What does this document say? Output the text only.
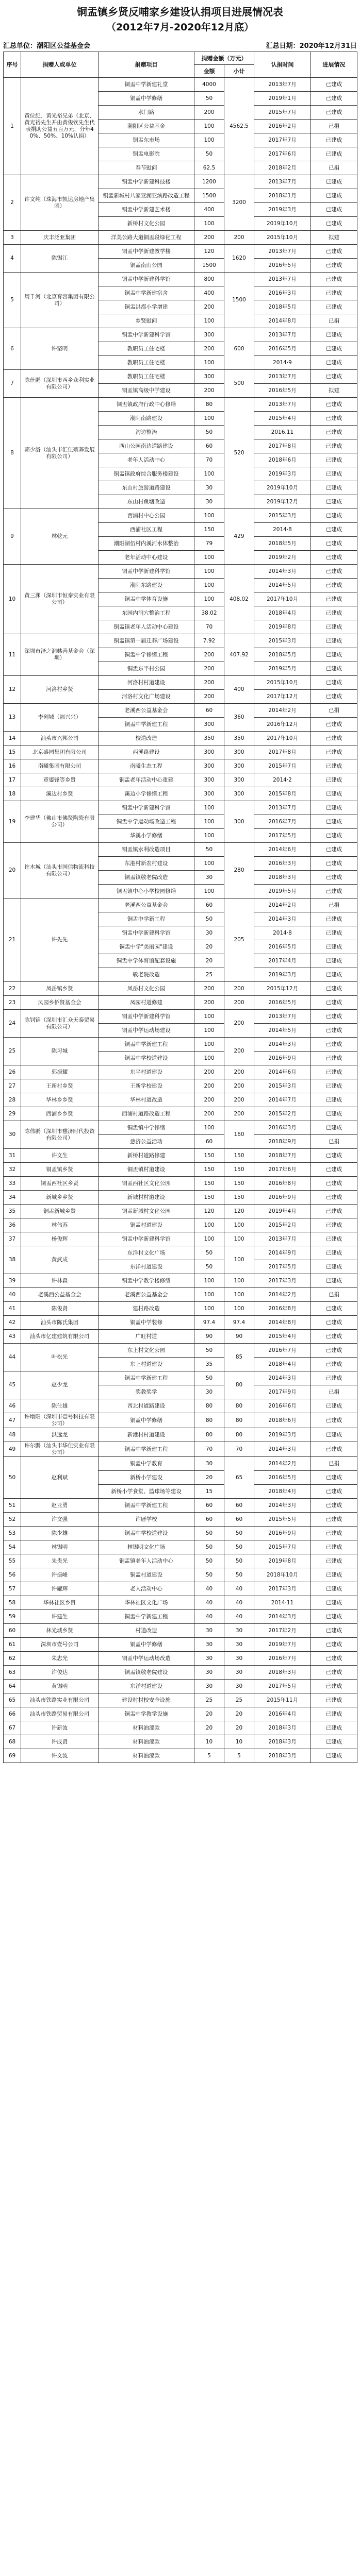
铜盂镇乡贤反哺家乡建设认捐项目进展情况表
（2012年7月-2020年12月底）
汇总单位：潮阳区公益基金会	汇总日期：2020年12月31日
序号	捐赠人或单位	捐赠项目	捐赠金额（万元）		认捐时间	进展情况
			金额	小计		
1	黄位纪、黄光裕兄弟（北京、黄光裕先生并由黄俊钦先生代表捐助公益五百万元，分年40%、50%、10%认捐）	铜盂中学新建礼堂	4000	4562.5	2013年7月	已建成
		铜盂中学修缮	50		2019年1月	已建成
		水门路	200		2015年7月	已建成
		潮阳区公益基金	100		2016年2月	已捐
		铜盂东市场	100		2017年7月	已建成
		铜盂电影院	50		2017年6月	已建成
		春节慰问	62.5		2018年2月	已捐
2	许文纯（珠海市凯达房地产集团）	铜盂中学新建科技楼	1200	3200	2013年7月	已建成
		铜盂新城村八家亚湖亚滨路改造工程	1500		2018年1月	已建成
		铜盂中学新建艺术楼	400		2019年3月	已建成
		新桥村文化公园	100		2019年10月	已建成
3	庆丰泛亚集团	洋美公路大道铜盂段绿化工程	200	200	2015年10月	拟建
4	陈锡江	铜盂中学新建教学楼	120	1620	2013年7月	已建成
		铜盂南山公园	1500		2016年5月	已建成
5	周千河（北京育容集团有限公司）	铜盂中学新建科学馆	800	1500	2013年7月	已建成
		铜盂中学新建宿舍	400		2016年3月	已建成
		铜盂洪都小学增建	200		2018年5月	已建成
		乡贤慰问	100		2014年8月	已捐
6	许坚明	铜盂中学新建科学馆	300	600	2013年7月	已建成
		教职员工住宅楼	200		2016年5月	已建成
		教职员工住宅楼	100		2014·9	已建成
7	陈仕鹏（深圳市西乡众利实业有限公司）	教职员工住宅楼	300	500	2013年7月	已建成
		铜盂镇高级中学建设	200		2016年5月	拟建
8	郭少洛（汕头市汇佳殡葬发展有限公司）	铜盂镇政府行政中心修缮	80	520	2013年7月	已建成
		潮阳南路建设	100		2015年4月	已建成
		沟边整治	50		2016.11	已建成
		西山公园南边道路建设	60		2017年8月	已建成
		老年人活动中心	70		2018年6月	已建成
		铜盂镇政府综合服务楼建设	100		2019年3月	已建成
		东山村旅游道路建设	30		2019年10月	已建成
		东山村鱼塘改造	30		2019年12月	已建成
9	林乾元	西浦村中心公园	100	429	2015年3月	已建成
		西浦社区工程	150		2014·8	已建成
		潮阳湖伍村内溪河水体整治	79		2018年5月	已建成
		老年活动中心建设	100		2019年2月	已建成
10	黄三渊（深圳市恒泰实业有限公司）	铜盂中学新建科学馆	100	408.02	2014年3月	已建成
		潮阳东路建设	100		2014年5月	已建成
		铜盂中学体育设施	100		2017年10月	已建成
		东园内洞穴整治工程	38.02		2018年4月	已建成
		铜盂镇老年人活动中心建设	70		2019年8月	已建成
11	深圳市泽之润慈善基金会（深圳）	铜盂镇第一届迁葬广场建设	7.92	407.92	2015年3月	已建成
		铜盂中学修缮工程	200		2018年5月	已建成
		铜盂东平村公园	200		2019年5月	已建成
12	河洛村乡贤	河洛村村道建设	200	400	2015年10月	已建成
		河洛村文化广场建设	200		2017年12月	已建成
13	李创城（福兴兴）	老溪西公益基金会	60	360	2014年2月	已捐
		铜盂中学新建工程	300		2016年12月	已建成
14	汕头市兴邦公司	校道改造	350	350	2017年10月	已建成
15	北京盛园集团有限公司	西溪路建设	300	300	2017年8月	已建成
16	南曦集团有限公司	南曦生态工程	300	300	2015年7月	已建成
17	章鎏锋等乡贤	铜盂老年活动中心重建	300	300	2014·2	已建成
18	溪边村乡贤	溪边小学修缮工程	300	300	2015年8月	已建成
19	李建华（佛山市佛贤陶瓷有限公司）	铜盂中学新建科学馆	100	300	2013年7月	已建成
		铜盂中学运动场改造工程	100		2016年7月	已建成
		华溪小学修缮	100		2017年5月	已建成
20	许木城（汕头市国信物流科技有限公司）	铜盂镇水利改造项目	50	280	2014年6月	已建成
		东港村新农村建设	100		2016年3月	已建成
		铜盂镇敬老院改造	30		2018年3月	已建成
		铜盂镇中心小学校园修缮	100		2019年5月	已建成
21	许先先	老溪西公益基金会	60	205	2014年2月	已捐
		铜盂中学新工程	50		2014年3月	已建成
		铜盂中学新建科学馆	30		2014·8	已建成
		铜盂中学"美丽园"建设	20		2016年5月	已建成
		铜盂中学体育馆配套设施	20		2017年4月	已建成
		敬老院改造	25		2019年3月	已建成
22	凤岳镇乡贤	凤岳村文化公园	200	200	2015年12月	已建成
23	凤园乡侨贤基金会	凤园村道修建	200	200	2016年5月	已建成
24	陈钊锦（深圳市汇众天泰贸易有限公司）	铜盂中学新建科学馆	100	200	2013年7月	已建成
		铜盂中学运动场建设	100		2014年5月	已建成
25	陈习城	铜盂中学新建工程	100	200	2014年3月	已建成
		铜盂中学校道建设	100		2016年9月	已建成
26	郭振耀	东平村道建设	200	200	2014年6月	已建成
27	王新村乡贤	王新学校建设	200	200	2015年3月	已建成
28	华林乡乡贤	华林村道改造	200	200	2014年7月	已建成
29	西浦乡乡贤	西浦村道路改造工程	200	200	2015年2月	已建成
30	陈伟鹏（深圳市慈济时代投资有限公司）	铜盂镇中学修缮	100	160	2016年3月	已建成
		慈济公益活动	60		2018年9月	已捐
31	许文生	新桥村道路修建	150	150	2018年7月	已建成
32	铜盂镇乡贤	铜盂镇村道建设	150	150	2017年6月	已建成
33	铜盂西社区乡贤	铜盂西社区文化公园	150	150	2016年8月	已建成
34	新城乡乡贤	新城村村道建设	150	150	2016年9月	已建成
35	铜盂新城乡贤	铜盂新城村文化公园	120	120	2019年4月	已建成
36	林伟苏	铜盂村道建设	100	100	2015年2月	已建成
37	杨俊辉	铜盂中学新建科学馆	100	100	2013年7月	已建成
38	黄武成	东洋村文化广场	50	100	2014年9月	已建成
		东洋村道建设	50		2017年5月	已建成
39	许林森	铜盂中学教学楼修缮	100	100	2017年3月	已建成
40	老溪西公益基金会	老溪西公益基金会	100	100	2014年2月	已捐
41	陈俊贤	建村路改造	100	100	2016年8月	已建成
42	汕头市陈氏集团	铜盂中学装修	97.4	97.4	2014年8月	已建成
43	汕头市亿建建筑有限公司	广旺村道	90	90	2015年4月	已建成
44	叶松光	东上村文化公园	50	85	2016年7月	已建成
		东上村道建设	35		2018年4月	已建成
45	赵少龙	铜盂中学新建工程	50	80	2014年3月	已建成
		奖教奖学	30		2017年9月	已捐
46	陈仕雄	西北村道路建设	80	80	2016年6月	已建成
47	许增阳（深圳市壹号科技有限公司）	铜盂中学修缮	80	80	2018年6月	已建成
48	洪远龙	新港村村道建设	80	80	2019年3月	已建成
49	许尔鹏（汕头市华佳实业有限公司）	铜盂中学新建工程	70	70	2014年3月	已建成
50	赵利斌	铜盂中学教育	30	65	2014年2月	已捐
		新桥小学建设	20		2016年5月	已建成
		新桥小学食堂、篮球场等建设	15		2018年4月	已建成
51	赵亚勇	铜盂中学新建工程	60	60	2014年3月	已建成
52	许文强	许厝学校	60	60	2015年5月	已建成
53	陈少雄	铜盂中学校道建设	50	50	2016年9月	已建成
54	林锡明	林锡明文化广场	50	50	2015年7月	已建成
55	朱贵光	铜盂镇老年人活动中心	50	50	2019年8月	已建成
56	许振峰	铜盂村道建设	50	50	2018年10月	已建成
57	许耀辉	老人活动中心	40	40	2017年3月	已建成
58	华林社区乡贤	华林社区文化广场	40	40	2014·11	已建成
59	许建生	铜盂中学新建工程	40	40	2014年3月	已建成
60	林光城乡贤	村道改造	30	30	2017年2月	已建成
61	深圳市壹号公司	铜盂中学修缮	30	30	2019年7月	已建成
62	朱志光	铜盂中学运动场改造	30	30	2016年7月	已建成
63	许俊达	铜盂镇敬老院建设	30	30	2018年3月	已建成
64	黄锡明	东洋村道建设	30	30	2017年5月	已建成
65	汕头市铁路实业有限公司	建设村村校安全设施	25	25	2015年11月	已建成
66	汕头市铁路贸易有限公司	铜盂中学教学设施	20	20	2016年4月	已建成
67	许新波	材料油漆款	20	20	2018年3月	已建成
68	许成贤	材料油漆款	10	10	2018年3月	已建成
69	许文波	材料油漆款	5	5	2018年3月	已建成
